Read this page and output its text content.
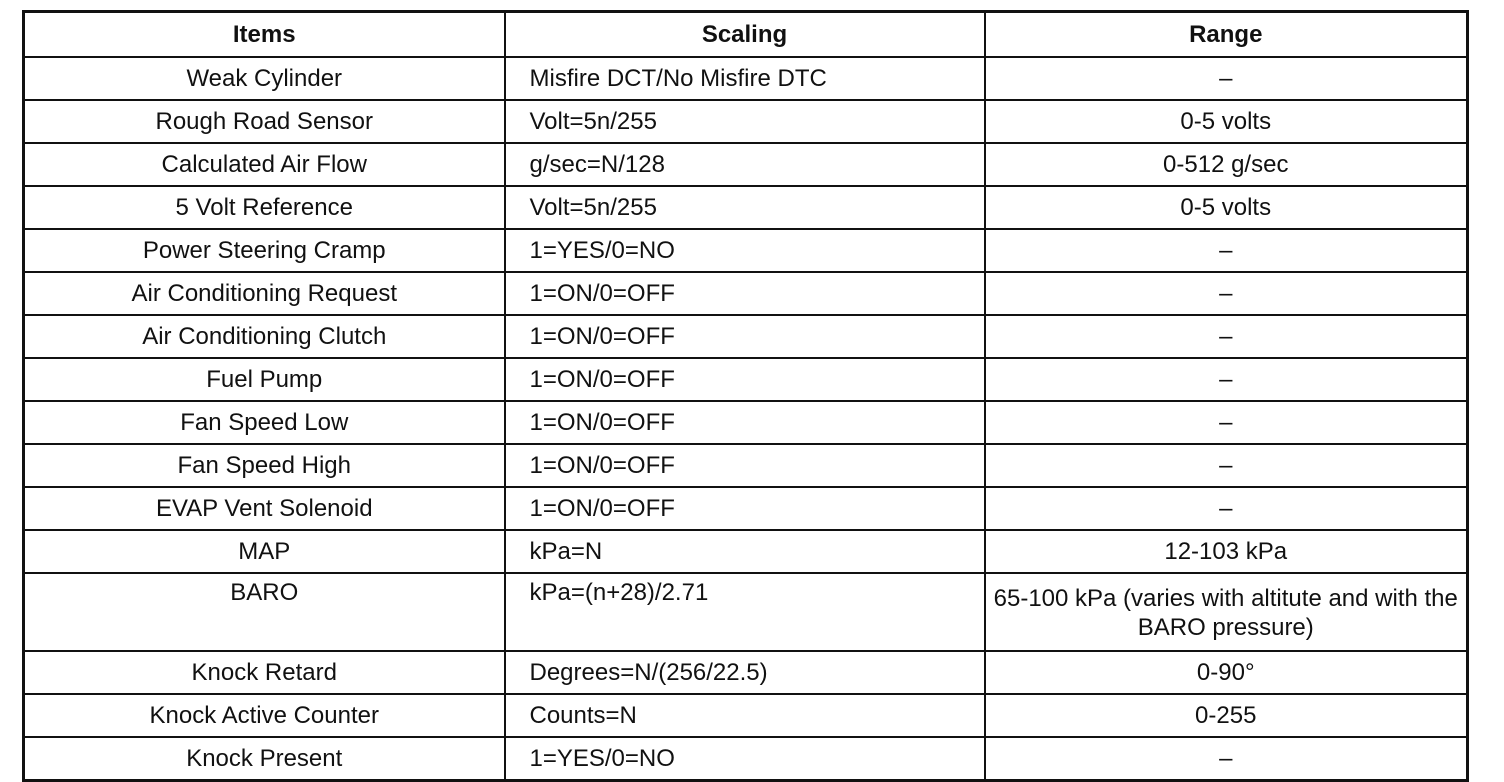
Items	Scaling	Range
Weak Cylinder	Misfire DCT/No Misfire DTC	–
Rough Road Sensor	Volt=5n/255	0-5 volts
Calculated Air Flow	g/sec=N/128	0-512 g/sec
5 Volt Reference	Volt=5n/255	0-5 volts
Power Steering Cramp	1=YES/0=NO	–
Air Conditioning Request	1=ON/0=OFF	–
Air Conditioning Clutch	1=ON/0=OFF	–
Fuel Pump	1=ON/0=OFF	–
Fan Speed Low	1=ON/0=OFF	–
Fan Speed High	1=ON/0=OFF	–
EVAP Vent Solenoid	1=ON/0=OFF	–
MAP	kPa=N	12-103 kPa
BARO	kPa=(n+28)/2.71	65-100 kPa (varies with altitute and with the BARO pressure)
Knock Retard	Degrees=N/(256/22.5)	0-90°
Knock Active Counter	Counts=N	0-255
Knock Present	1=YES/0=NO	–
